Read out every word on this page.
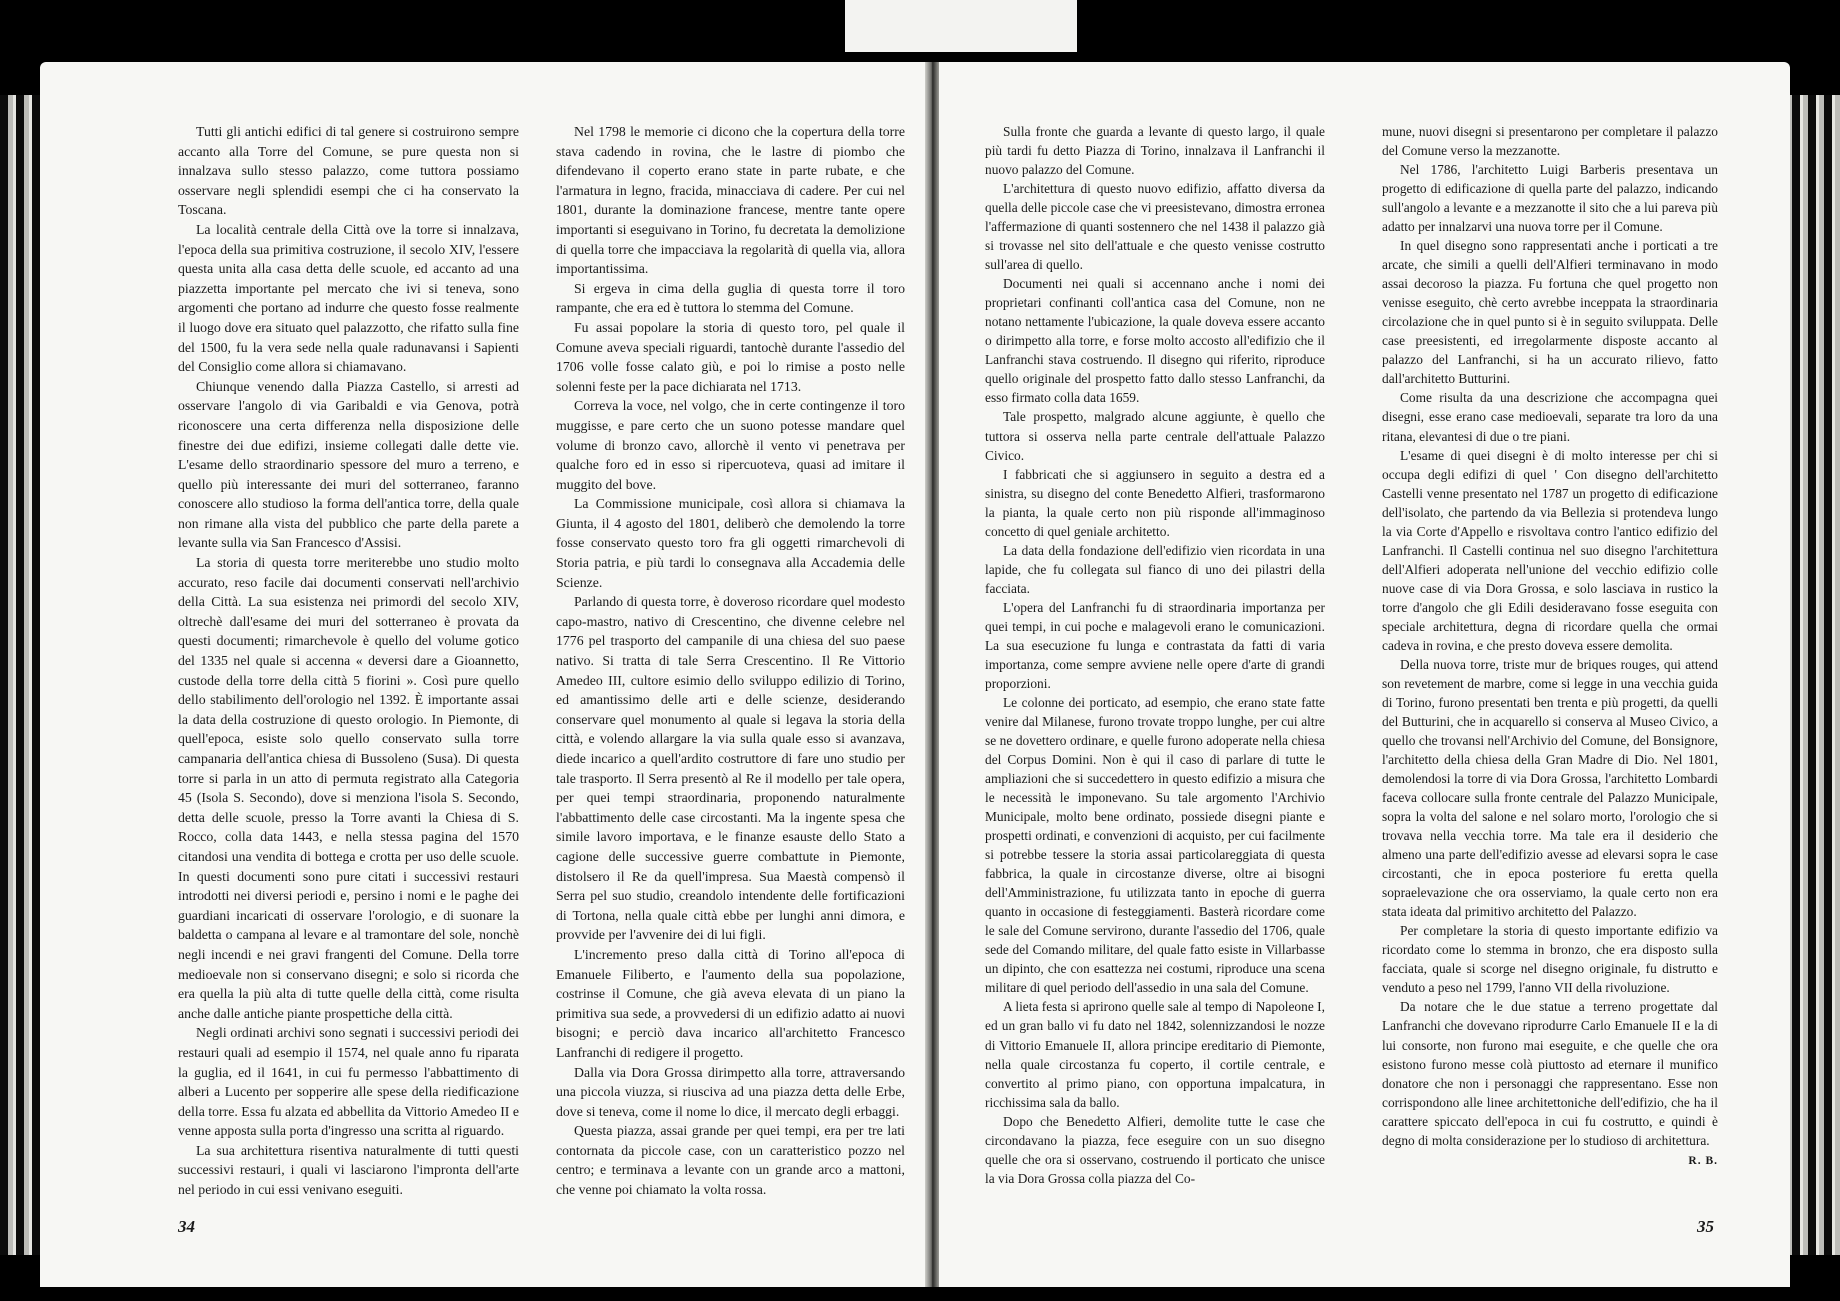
Tutti gli antichi edifici di tal genere si costruirono sempre accanto alla Torre del Comune, se pure questa non si innalzava sullo stesso palazzo, come tuttora possiamo osservare negli splendidi esempi che ci ha conservato la Toscana.

La località centrale della Città ove la torre si innalzava, l'epoca della sua primitiva costruzione, il secolo XIV, l'essere questa unita alla casa detta delle scuole, ed accanto ad una piazzetta importante pel mercato che ivi si teneva, sono argomenti che portano ad indurre che questo fosse realmente il luogo dove era situato quel palazzotto, che rifatto sulla fine del 1500, fu la vera sede nella quale radunavansi i Sapienti del Consiglio come allora si chiamavano.

Chiunque venendo dalla Piazza Castello, si arresti ad osservare l'angolo di via Garibaldi e via Genova, potrà riconoscere una certa differenza nella disposizione delle finestre dei due edifizi, insieme collegati dalle dette vie. L'esame dello straordinario spessore del muro a terreno, e quello più interessante dei muri del sotterraneo, faranno conoscere allo studioso la forma dell'antica torre, della quale non rimane alla vista del pubblico che parte della parete a levante sulla via San Francesco d'Assisi.

La storia di questa torre meriterebbe uno studio molto accurato, reso facile dai documenti conservati nell'archivio della Città. La sua esistenza nei primordi del secolo XIV, oltrechè dall'esame dei muri del sotterraneo è provata da questi documenti; rimarchevole è quello del volume gotico del 1335 nel quale si accenna « deversi dare a Gioannetto, custode della torre della città 5 fiorini ». Così pure quello dello stabilimento dell'orologio nel 1392. È importante assai la data della costruzione di questo orologio. In Piemonte, di quell'epoca, esiste solo quello conservato sulla torre campanaria dell'antica chiesa di Bussoleno (Susa). Di questa torre si parla in un atto di permuta registrato alla Categoria 45 (Isola S. Secondo), dove si menziona l'isola S. Secondo, detta delle scuole, presso la Torre avanti la Chiesa di S. Rocco, colla data 1443, e nella stessa pagina del 1570 citandosi una vendita di bottega e crotta per uso delle scuole. In questi documenti sono pure citati i successivi restauri introdotti nei diversi periodi e, persino i nomi e le paghe dei guardiani incaricati di osservare l'orologio, e di suonare la baldetta o campana al levare e al tramontare del sole, nonchè negli incendi e nei gravi frangenti del Comune. Della torre medioevale non si conservano disegni; e solo si ricorda che era quella la più alta di tutte quelle della città, come risulta anche dalle antiche piante prospettiche della città.

Negli ordinati archivi sono segnati i successivi periodi dei restauri quali ad esempio il 1574, nel quale anno fu riparata la guglia, ed il 1641, in cui fu permesso l'abbattimento di alberi a Lucento per sopperire alle spese della riedificazione della torre. Essa fu alzata ed abbellita da Vittorio Amedeo II e venne apposta sulla porta d'ingresso una scritta al riguardo.

La sua architettura risentiva naturalmente di tutti questi successivi restauri, i quali vi lasciarono l'impronta dell'arte nel periodo in cui essi venivano eseguiti.

Nel 1798 le memorie ci dicono che la copertura della torre stava cadendo in rovina, che le lastre di piombo che difendevano il coperto erano state in parte rubate, e che l'armatura in legno, fracida, minacciava di cadere. Per cui nel 1801, durante la dominazione francese, mentre tante opere importanti si eseguivano in Torino, fu decretata la demolizione di quella torre che impacciava la regolarità di quella via, allora importantissima.

Si ergeva in cima della guglia di questa torre il toro rampante, che era ed è tuttora lo stemma del Comune.

Fu assai popolare la storia di questo toro, pel quale il Comune aveva speciali riguardi, tantochè durante l'assedio del 1706 volle fosse calato giù, e poi lo rimise a posto nelle solenni feste per la pace dichiarata nel 1713.

Correva la voce, nel volgo, che in certe contingenze il toro muggisse, e pare certo che un suono potesse mandare quel volume di bronzo cavo, allorchè il vento vi penetrava per qualche foro ed in esso si ripercuoteva, quasi ad imitare il muggito del bove.

La Commissione municipale, così allora si chiamava la Giunta, il 4 agosto del 1801, deliberò che demolendo la torre fosse conservato questo toro fra gli oggetti rimarchevoli di Storia patria, e più tardi lo consegnava alla Accademia delle Scienze.

Parlando di questa torre, è doveroso ricordare quel modesto capo-mastro, nativo di Crescentino, che divenne celebre nel 1776 pel trasporto del campanile di una chiesa del suo paese nativo. Si tratta di tale Serra Crescentino. Il Re Vittorio Amedeo III, cultore esimio dello sviluppo edilizio di Torino, ed amantissimo delle arti e delle scienze, desiderando conservare quel monumento al quale si legava la storia della città, e volendo allargare la via sulla quale esso si avanzava, diede incarico a quell'ardito costruttore di fare uno studio per tale trasporto. Il Serra presentò al Re il modello per tale opera, per quei tempi straordinaria, proponendo naturalmente l'abbattimento delle case circostanti. Ma la ingente spesa che simile lavoro importava, e le finanze esauste dello Stato a cagione delle successive guerre combattute in Piemonte, distolsero il Re da quell'impresa. Sua Maestà compensò il Serra pel suo studio, creandolo intendente delle fortificazioni di Tortona, nella quale città ebbe per lunghi anni dimora, e provvide per l'avvenire dei di lui figli.

L'incremento preso dalla città di Torino all'epoca di Emanuele Filiberto, e l'aumento della sua popolazione, costrinse il Comune, che già aveva elevata di un piano la primitiva sua sede, a provvedersi di un edifizio adatto ai nuovi bisogni; e perciò dava incarico all'architetto Francesco Lanfranchi di redigere il progetto.

Dalla via Dora Grossa dirimpetto alla torre, attraversando una piccola viuzza, si riusciva ad una piazza detta delle Erbe, dove si teneva, come il nome lo dice, il mercato degli erbaggi.

Questa piazza, assai grande per quei tempi, era per tre lati contornata da piccole case, con un caratteristico pozzo nel centro; e terminava a levante con un grande arco a mattoni, che venne poi chiamato la volta rossa.

Sulla fronte che guarda a levante di questo largo, il quale più tardi fu detto Piazza di Torino, innalzava il Lanfranchi il nuovo palazzo del Comune.

L'architettura di questo nuovo edifizio, affatto diversa da quella delle piccole case che vi preesistevano, dimostra erronea l'affermazione di quanti sostennero che nel 1438 il palazzo già si trovasse nel sito dell'attuale e che questo venisse costrutto sull'area di quello.

Documenti nei quali si accennano anche i nomi dei proprietari confinanti coll'antica casa del Comune, non ne notano nettamente l'ubicazione, la quale doveva essere accanto o dirimpetto alla torre, e forse molto accosto all'edifizio che il Lanfranchi stava costruendo. Il disegno qui riferito, riproduce quello originale del prospetto fatto dallo stesso Lanfranchi, da esso firmato colla data 1659.

Tale prospetto, malgrado alcune aggiunte, è quello che tuttora si osserva nella parte centrale dell'attuale Palazzo Civico.

I fabbricati che si aggiunsero in seguito a destra ed a sinistra, su disegno del conte Benedetto Alfieri, trasformarono la pianta, la quale certo non più risponde all'immaginoso concetto di quel geniale architetto.

La data della fondazione dell'edifizio vien ricordata in una lapide, che fu collegata sul fianco di uno dei pilastri della facciata.

L'opera del Lanfranchi fu di straordinaria importanza per quei tempi, in cui poche e malagevoli erano le comunicazioni. La sua esecuzione fu lunga e contrastata da fatti di varia importanza, come sempre avviene nelle opere d'arte di grandi proporzioni.

Le colonne dei porticato, ad esempio, che erano state fatte venire dal Milanese, furono trovate troppo lunghe, per cui altre se ne dovettero ordinare, e quelle furono adoperate nella chiesa del Corpus Domini. Non è qui il caso di parlare di tutte le ampliazioni che si succedettero in questo edifizio a misura che le necessità le imponevano. Su tale argomento l'Archivio Municipale, molto bene ordinato, possiede disegni piante e prospetti ordinati, e convenzioni di acquisto, per cui facilmente si potrebbe tessere la storia assai particolareggiata di questa fabbrica, la quale in circostanze diverse, oltre ai bisogni dell'Amministrazione, fu utilizzata tanto in epoche di guerra quanto in occasione di festeggiamenti. Basterà ricordare come le sale del Comune servirono, durante l'assedio del 1706, quale sede del Comando militare, del quale fatto esiste in Villarbasse un dipinto, che con esattezza nei costumi, riproduce una scena militare di quel periodo dell'assedio in una sala del Comune.

A lieta festa si aprirono quelle sale al tempo di Napoleone I, ed un gran ballo vi fu dato nel 1842, solennizzandosi le nozze di Vittorio Emanuele II, allora principe ereditario di Piemonte, nella quale circostanza fu coperto, il cortile centrale, e convertito al primo piano, con opportuna impalcatura, in ricchissima sala da ballo.

Dopo che Benedetto Alfieri, demolite tutte le case che circondavano la piazza, fece eseguire con un suo disegno quelle che ora si osservano, costruendo il porticato che unisce la via Dora Grossa colla piazza del Co-

mune, nuovi disegni si presentarono per completare il palazzo del Comune verso la mezzanotte.

Nel 1786, l'architetto Luigi Barberis presentava un progetto di edificazione di quella parte del palazzo, indicando sull'angolo a levante e a mezzanotte il sito che a lui pareva più adatto per innalzarvi una nuova torre per il Comune.

In quel disegno sono rappresentati anche i porticati a tre arcate, che simili a quelli dell'Alfieri terminavano in modo assai decoroso la piazza. Fu fortuna che quel progetto non venisse eseguito, chè certo avrebbe inceppata la straordinaria circolazione che in quel punto si è in seguito sviluppata. Delle case preesistenti, ed irregolarmente disposte accanto al palazzo del Lanfranchi, si ha un accurato rilievo, fatto dall'architetto Butturini.

Come risulta da una descrizione che accompagna quei disegni, esse erano case medioevali, separate tra loro da una ritana, elevantesi di due o tre piani.

L'esame di quei disegni è di molto interesse per chi si occupa degli edifizi di quel ' Con disegno dell'architetto Castelli venne presentato nel 1787 un progetto di edificazione dell'isolato, che partendo da via Bellezia si protendeva lungo la via Corte d'Appello e risvoltava contro l'antico edifizio del Lanfranchi. Il Castelli continua nel suo disegno l'architettura dell'Alfieri adoperata nell'unione del vecchio edifizio colle nuove case di via Dora Grossa, e solo lasciava in rustico la torre d'angolo che gli Edili desideravano fosse eseguita con speciale architettura, degna di ricordare quella che ormai cadeva in rovina, e che presto doveva essere demolita.

Della nuova torre, triste mur de briques rouges, qui attend son revetement de marbre, come si legge in una vecchia guida di Torino, furono presentati ben trenta e più progetti, da quelli del Butturini, che in acquarello si conserva al Museo Civico, a quello che trovansi nell'Archivio del Comune, del Bonsignore, l'architetto della chiesa della Gran Madre di Dio. Nel 1801, demolendosi la torre di via Dora Grossa, l'architetto Lombardi faceva collocare sulla fronte centrale del Palazzo Municipale, sopra la volta del salone e nel solaro morto, l'orologio che si trovava nella vecchia torre. Ma tale era il desiderio che almeno una parte dell'edifizio avesse ad elevarsi sopra le case circostanti, che in epoca posteriore fu eretta quella sopraelevazione che ora osserviamo, la quale certo non era stata ideata dal primitivo architetto del Palazzo.

Per completare la storia di questo importante edifizio va ricordato come lo stemma in bronzo, che era disposto sulla facciata, quale si scorge nel disegno originale, fu distrutto e venduto a peso nel 1799, l'anno VII della rivoluzione.

Da notare che le due statue a terreno progettate dal Lanfranchi che dovevano riprodurre Carlo Emanuele II e la di lui consorte, non furono mai eseguite, e che quelle che ora esistono furono messe colà piuttosto ad eternare il munifico donatore che non i personaggi che rappresentano. Esse non corrispondono alle linee architettoniche dell'edifizio, che ha il carattere spiccato dell'epoca in cui fu costrutto, e quindi è degno di molta considerazione per lo studioso di architettura.

R. B.
34	35
